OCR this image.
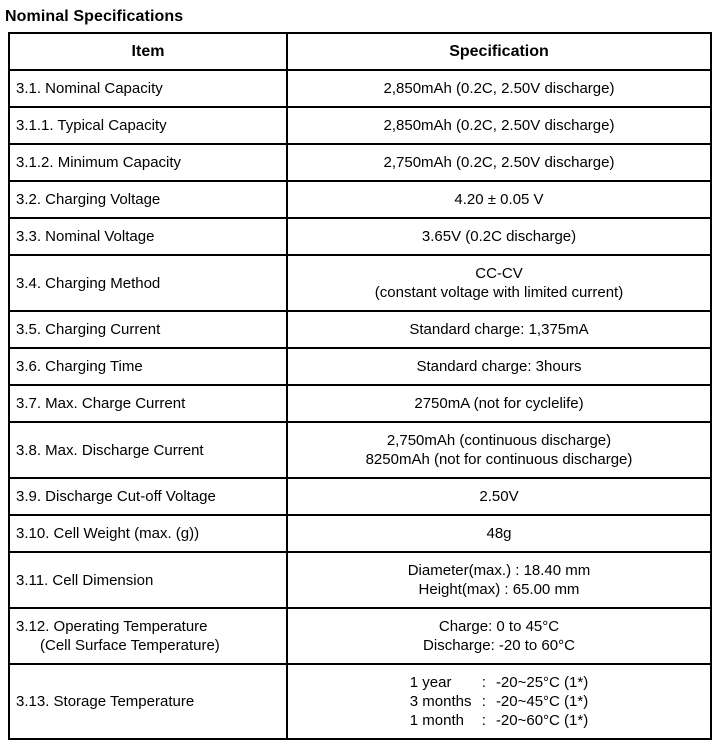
Nominal Specifications
Item	Specification

3.1. Nominal Capacity	2,850mAh (0.2C, 2.50V discharge)

3.1.1. Typical Capacity	2,850mAh (0.2C, 2.50V discharge)

3.1.2. Minimum Capacity	2,750mAh (0.2C, 2.50V discharge)

3.2. Charging Voltage	4.20 ± 0.05 V

3.3. Nominal Voltage	3.65V (0.2C discharge)

3.4. Charging Method	CC-CV
(constant voltage with limited current)

3.5. Charging Current	Standard charge: 1,375mA

3.6. Charging Time	Standard charge: 3hours

3.7. Max. Charge Current	2750mA (not for cyclelife)

3.8. Max. Discharge Current	2,750mAh (continuous discharge)
8250mAh (not for continuous discharge)

3.9. Discharge Cut-off Voltage	2.50V

3.10. Cell Weight (max. (g))	48g

3.11. Cell Dimension	Diameter(max.) : 18.40 mm
Height(max) : 65.00 mm

3.12. Operating Temperature
(Cell Surface Temperature)	Charge: 0 to 45°C
Discharge: -20 to 60°C

3.13. Storage Temperature

1 year	: -20~25°C (1*)
3 months : -20~45°C (1*)
1 month	: -20~60°C (1*)
